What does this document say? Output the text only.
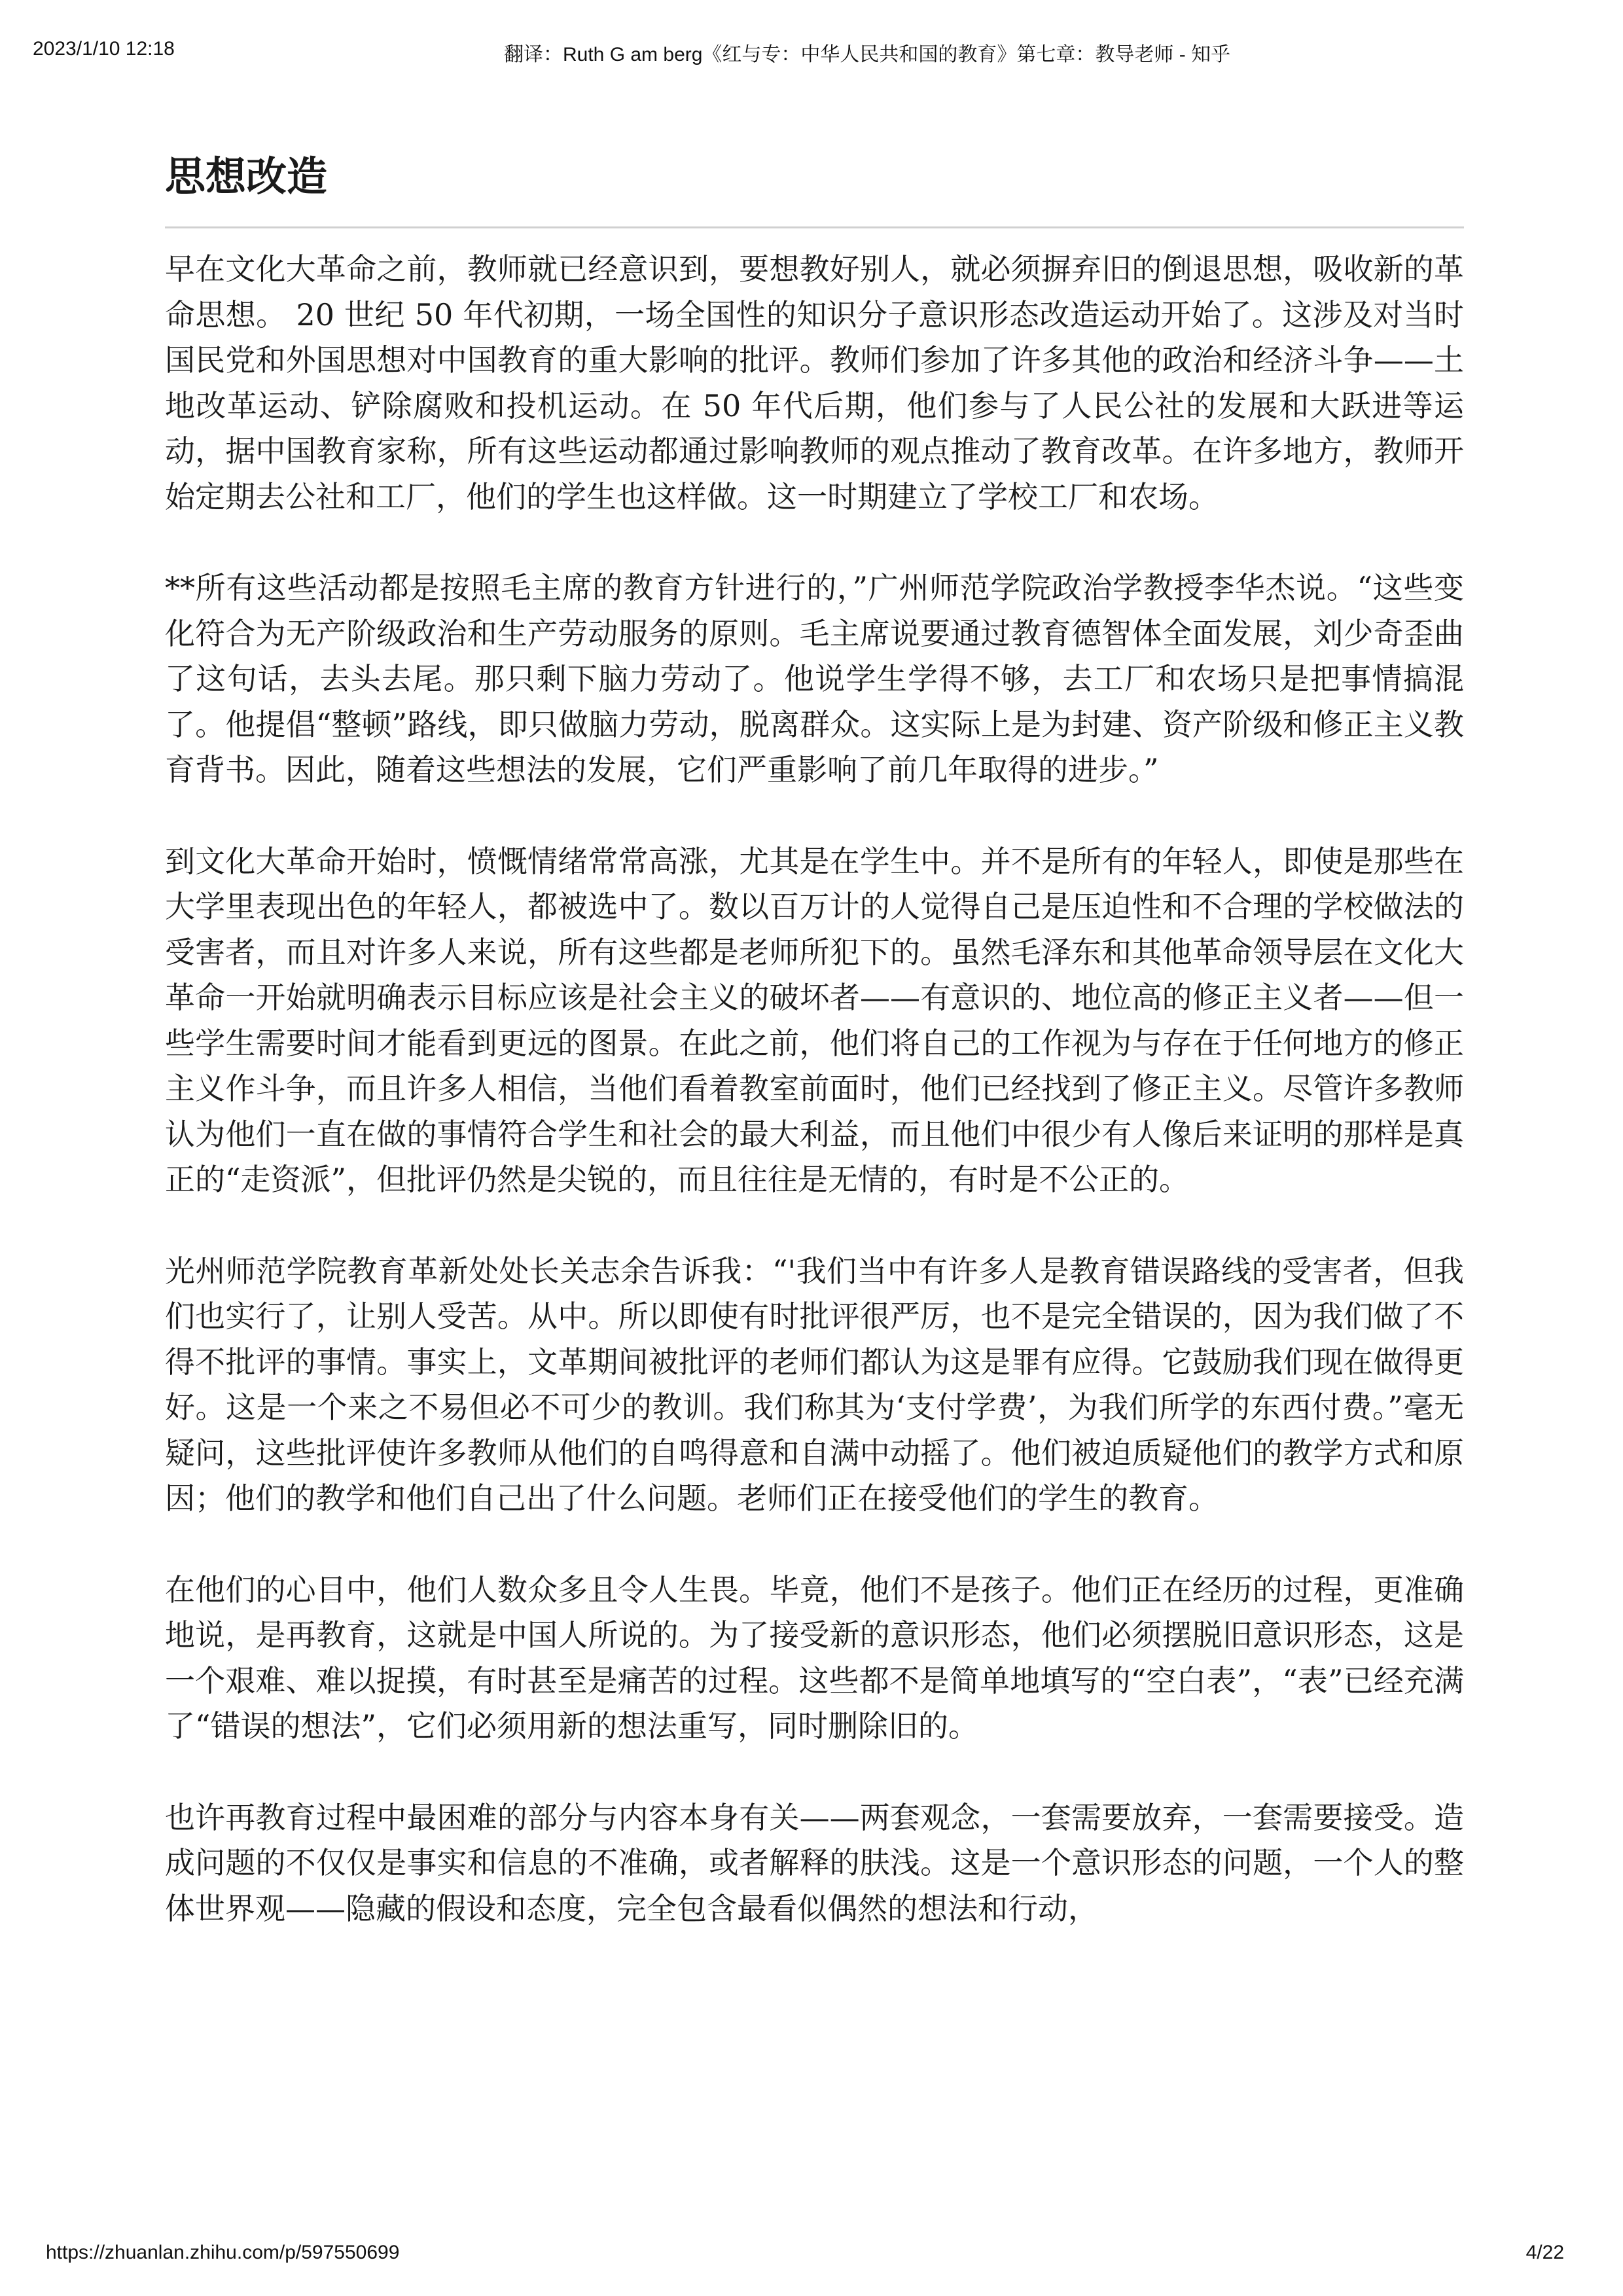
2023/1/10 12:18	翻译：Ruth G am berg《红与专：中华人民共和国的教育》第七章：教导老师 - 知乎
思想改造

早在文化大革命之前，教师就已经意识到，要想教好别人，就必须摒弃旧的倒退思想，吸收新的革命思想。 20 世纪 50 年代初期，一场全国性的知识分子意识形态改造运动开始了。这涉及对当时国民党和外国思想对中国教育的重大影响的批评。教师们参加了许多其他的政治和经济斗争——土地改革运动、铲除腐败和投机运动。在 50 年代后期，他们参与了人民公社的发展和大跃进等运动，据中国教育家称，所有这些运动都通过影响教师的观点推动了教育改革。在许多地方，教师开始定期去公社和工厂，他们的学生也这样做。这一时期建立了学校工厂和农场。

**所有这些活动都是按照毛主席的教育方针进行的，”广州师范学院政治学教授李华杰说。“这些变化符合为无产阶级政治和生产劳动服务的原则。毛主席说要通过教育德智体全面发展，刘少奇歪曲了这句话，去头去尾。那只剩下脑力劳动了。他说学生学得不够，去工厂和农场只是把事情搞混了。他提倡“整顿”路线，即只做脑力劳动，脱离群众。这实际上是为封建、资产阶级和修正主义教育背书。因此，随着这些想法的发展，它们严重影响了前几年取得的进步。”

到文化大革命开始时，愤慨情绪常常高涨，尤其是在学生中。并不是所有的年轻人，即使是那些在大学里表现出色的年轻人，都被选中了。数以百万计的人觉得自己是压迫性和不合理的学校做法的受害者，而且对许多人来说，所有这些都是老师所犯下的。虽然毛泽东和其他革命领导层在文化大革命一开始就明确表示目标应该是社会主义的破坏者——有意识的、地位高的修正主义者——但一些学生需要时间才能看到更远的图景。在此之前，他们将自己的工作视为与存在于任何地方的修正主义作斗争，而且许多人相信，当他们看着教室前面时，他们已经找到了修正主义。尽管许多教师认为他们一直在做的事情符合学生和社会的最大利益，而且他们中很少有人像后来证明的那样是真正的“走资派”，但批评仍然是尖锐的，而且往往是无情的，有时是不公正的。

光州师范学院教育革新处处长关志余告诉我：“'我们当中有许多人是教育错误路线的受害者，但我们也实行了，让别人受苦。从中。所以即使有时批评很严厉，也不是完全错误的，因为我们做了不得不批评的事情。事实上，文革期间被批评的老师们都认为这是罪有应得。它鼓励我们现在做得更好。这是一个来之不易但必不可少的教训。我们称其为‘支付学费’，为我们所学的东西付费。”毫无疑问，这些批评使许多教师从他们的自鸣得意和自满中动摇了。他们被迫质疑他们的教学方式和原因；他们的教学和他们自己出了什么问题。老师们正在接受他们的学生的教育。

在他们的心目中，他们人数众多且令人生畏。毕竟，他们不是孩子。他们正在经历的过程，更准确地说，是再教育，这就是中国人所说的。为了接受新的意识形态，他们必须摆脱旧意识形态，这是一个艰难、难以捉摸，有时甚至是痛苦的过程。这些都不是简单地填写的“空白表”，“表”已经充满了“错误的想法”，它们必须用新的想法重写，同时删除旧的。

也许再教育过程中最困难的部分与内容本身有关——两套观念，一套需要放弃，一套需要接受。造成问题的不仅仅是事实和信息的不准确，或者解释的肤浅。这是一个意识形态的问题，一个人的整体世界观——隐藏的假设和态度，完全包含最看似偶然的想法和行动，

https://zhuanlan.zhihu.com/p/597550699	4/22
